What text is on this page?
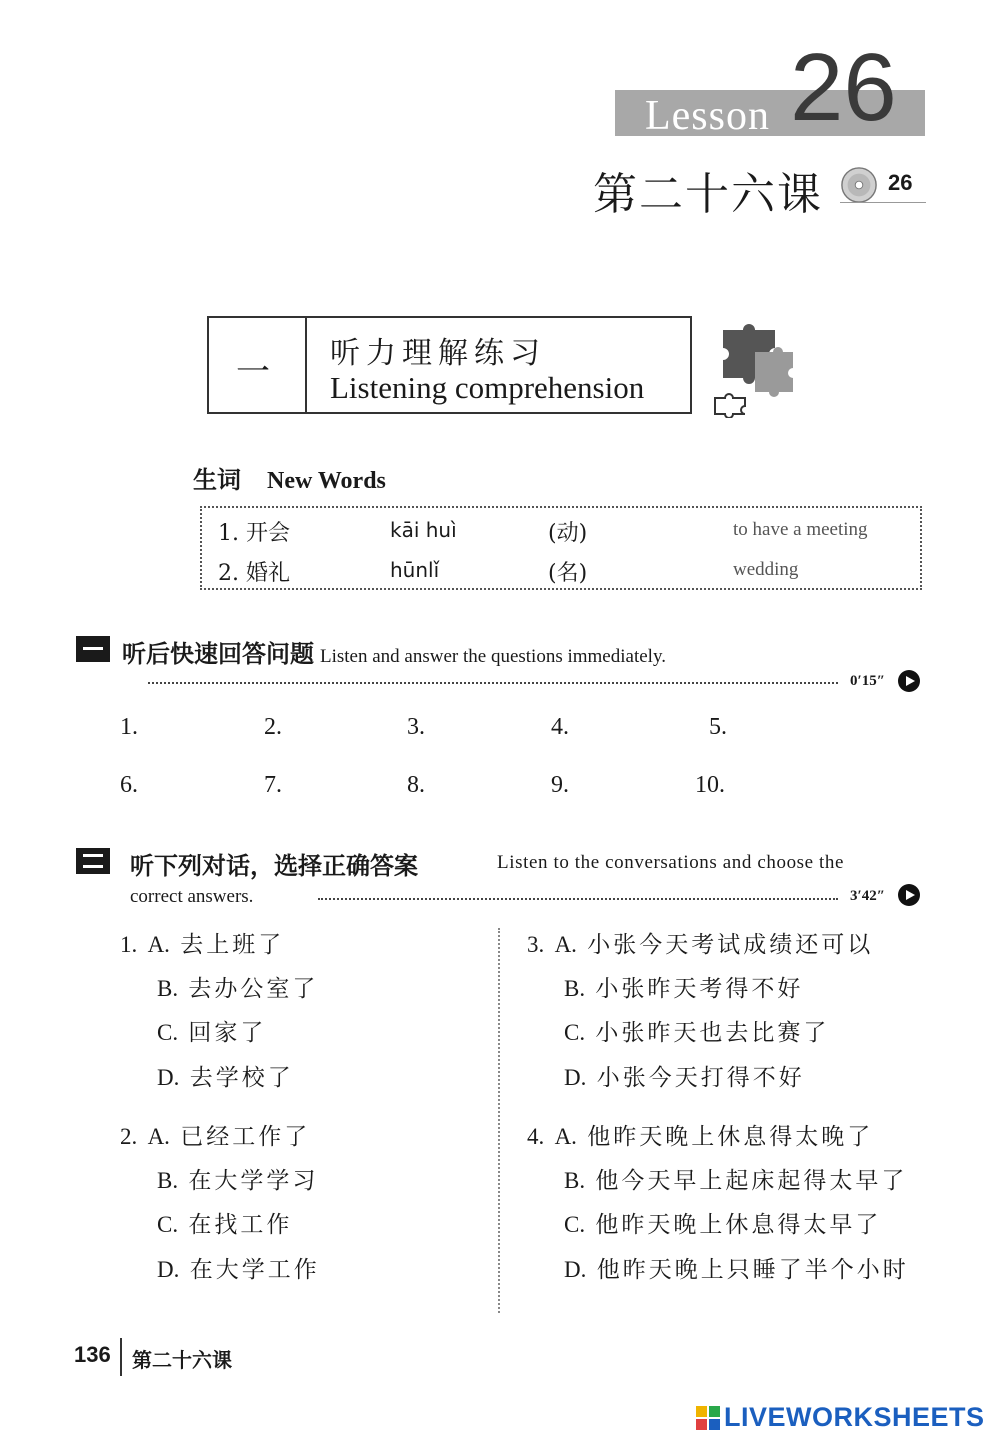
Lesson 26
第二十六课	26
一 听力理解练习
Listening comprehension
生词 New Words
1. 开会	kāi huì	(动)	to have a meeting
2. 婚礼	hūnlǐ	(名)	wedding
听后快速回答问题 Listen and answer the questions immediately.
0′15″
1.	2.	3.	4.	5.
6.	7.	8.	9.	10.
听下列对话，选择正确答案	Listen to the conversations and choose the
correct answers.	3′42″
1. A. 去上班了
B. 去办公室了
C. 回家了
D. 去学校了
2. A. 已经工作了
B. 在大学学习
C. 在找工作
D. 在大学工作
3. A. 小张今天考试成绩还可以
B. 小张昨天考得不好
C. 小张昨天也去比赛了
D. 小张今天打得不好
4. A. 他昨天晚上休息得太晚了
B. 他今天早上起床起得太早了
C. 他昨天晚上休息得太早了
D. 他昨天晚上只睡了半个小时
136 第二十六课
LIVEWORKSHEETS
